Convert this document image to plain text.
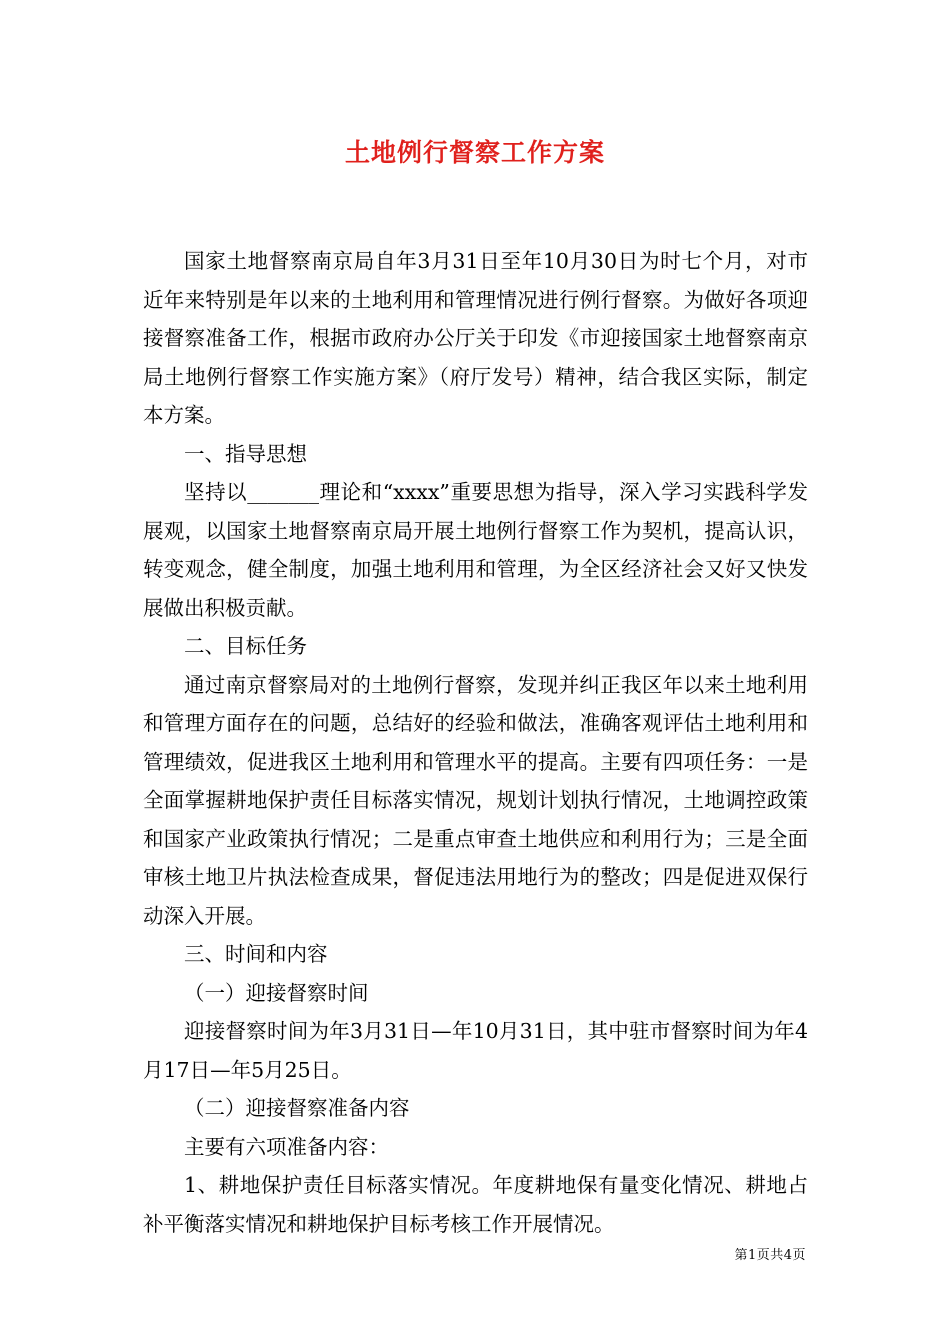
土地例行督察工作方案

国家土地督察南京局自年3月31日至年10月30日为时七个月，对市近年来特别是年以来的土地利用和管理情况进行例行督察。为做好各项迎接督察准备工作，根据市政府办公厅关于印发《市迎接国家土地督察南京局土地例行督察工作实施方案》（府厅发号）精神，结合我区实际，制定本方案。

一、指导思想

坚持以_______理论和“xxxx”重要思想为指导，深入学习实践科学发展观，以国家土地督察南京局开展土地例行督察工作为契机，提高认识，转变观念，健全制度，加强土地利用和管理，为全区经济社会又好又快发展做出积极贡献。

二、目标任务

通过南京督察局对的土地例行督察，发现并纠正我区年以来土地利用和管理方面存在的问题，总结好的经验和做法，准确客观评估土地利用和管理绩效，促进我区土地利用和管理水平的提高。主要有四项任务：一是全面掌握耕地保护责任目标落实情况，规划计划执行情况，土地调控政策和国家产业政策执行情况；二是重点审查土地供应和利用行为；三是全面审核土地卫片执法检查成果，督促违法用地行为的整改；四是促进双保行动深入开展。

三、时间和内容

（一）迎接督察时间

迎接督察时间为年3月31日—年10月31日，其中驻市督察时间为年4月17日—年5月25日。

（二）迎接督察准备内容

主要有六项准备内容：

1、耕地保护责任目标落实情况。年度耕地保有量变化情况、耕地占补平衡落实情况和耕地保护目标考核工作开展情况。

第1页共4页
